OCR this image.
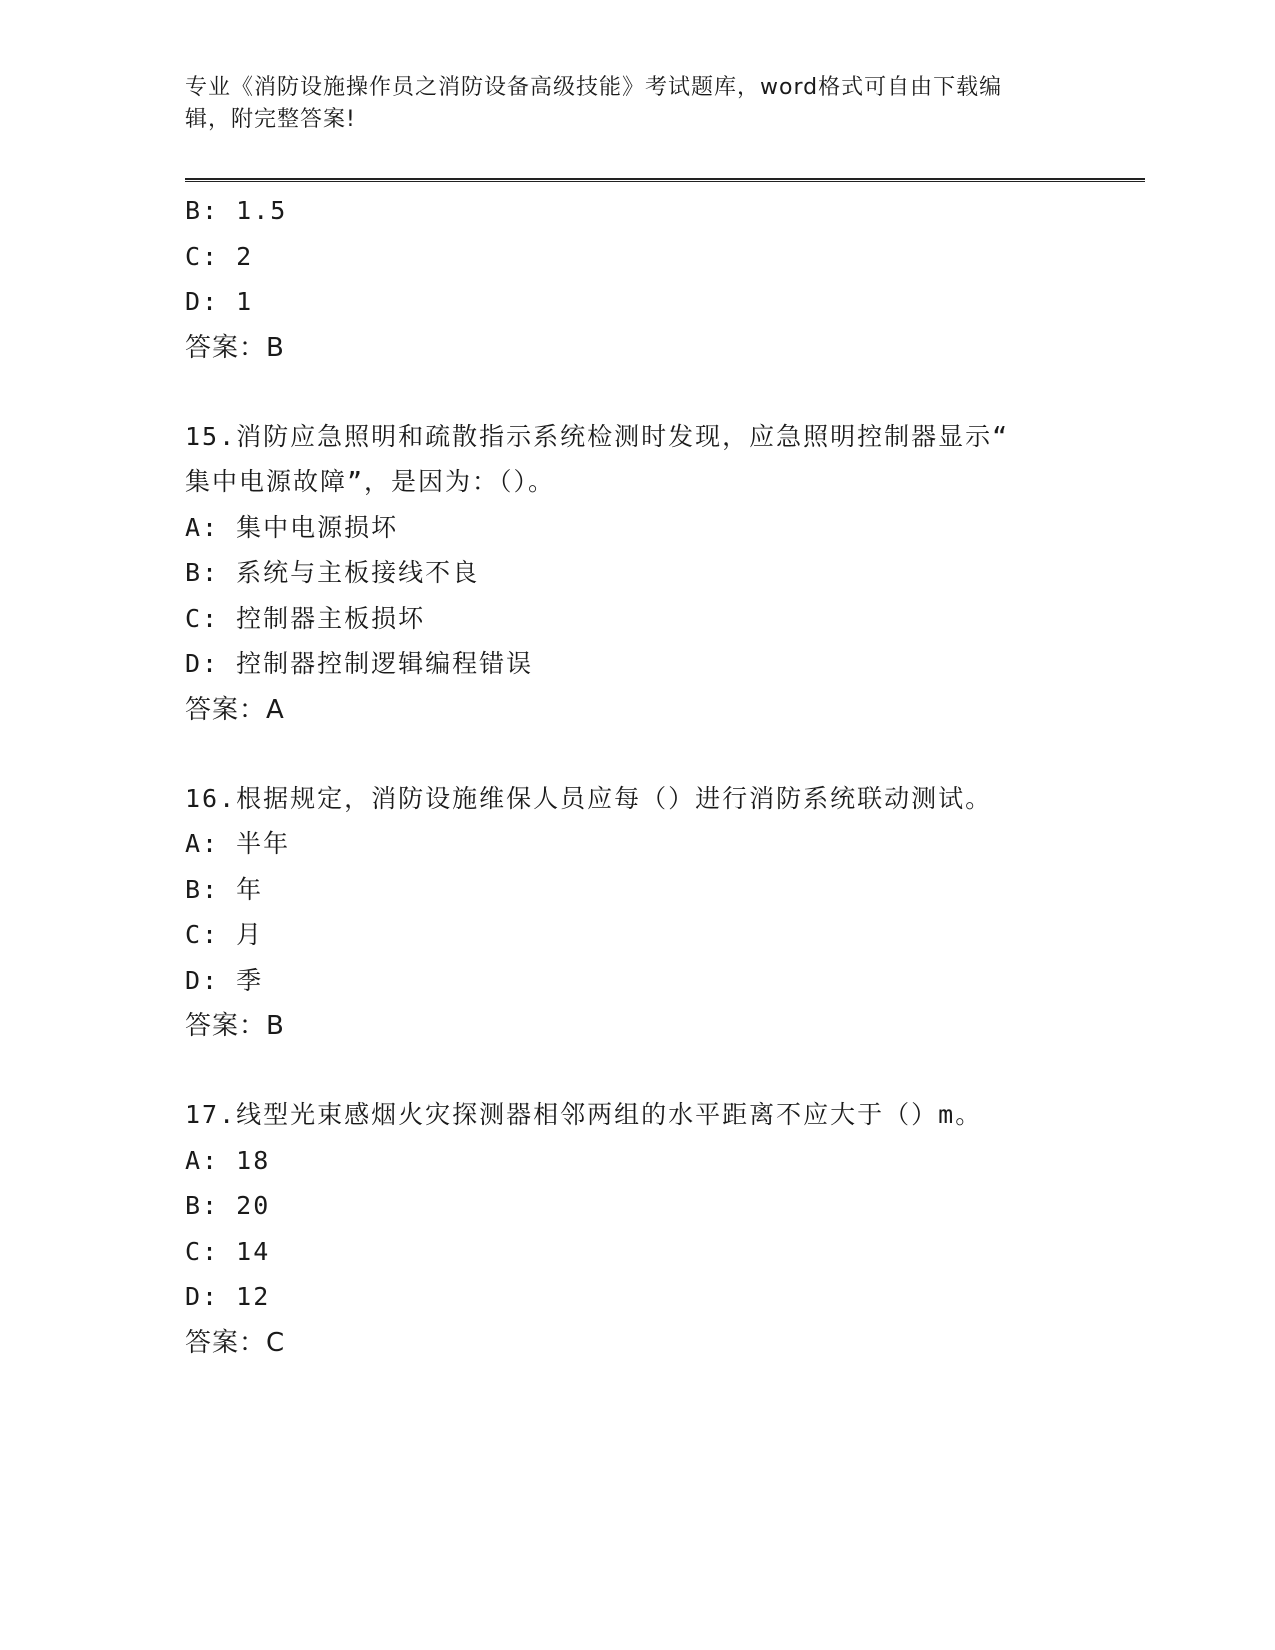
专业《消防设施操作员之消防设备高级技能》考试题库，word格式可自由下载编
辑，附完整答案!
B: 1.5
C: 2
D: 1
答案：B
15.消防应急照明和疏散指示系统检测时发现，应急照明控制器显示“
集中电源故障”，是因为：（）。
A: 集中电源损坏
B: 系统与主板接线不良
C: 控制器主板损坏
D: 控制器控制逻辑编程错误
答案：A
16.根据规定，消防设施维保人员应每（）进行消防系统联动测试。
A: 半年
B: 年
C: 月
D: 季
答案：B
17.线型光束感烟火灾探测器相邻两组的水平距离不应大于（）m。
A: 18
B: 20
C: 14
D: 12
答案：C
